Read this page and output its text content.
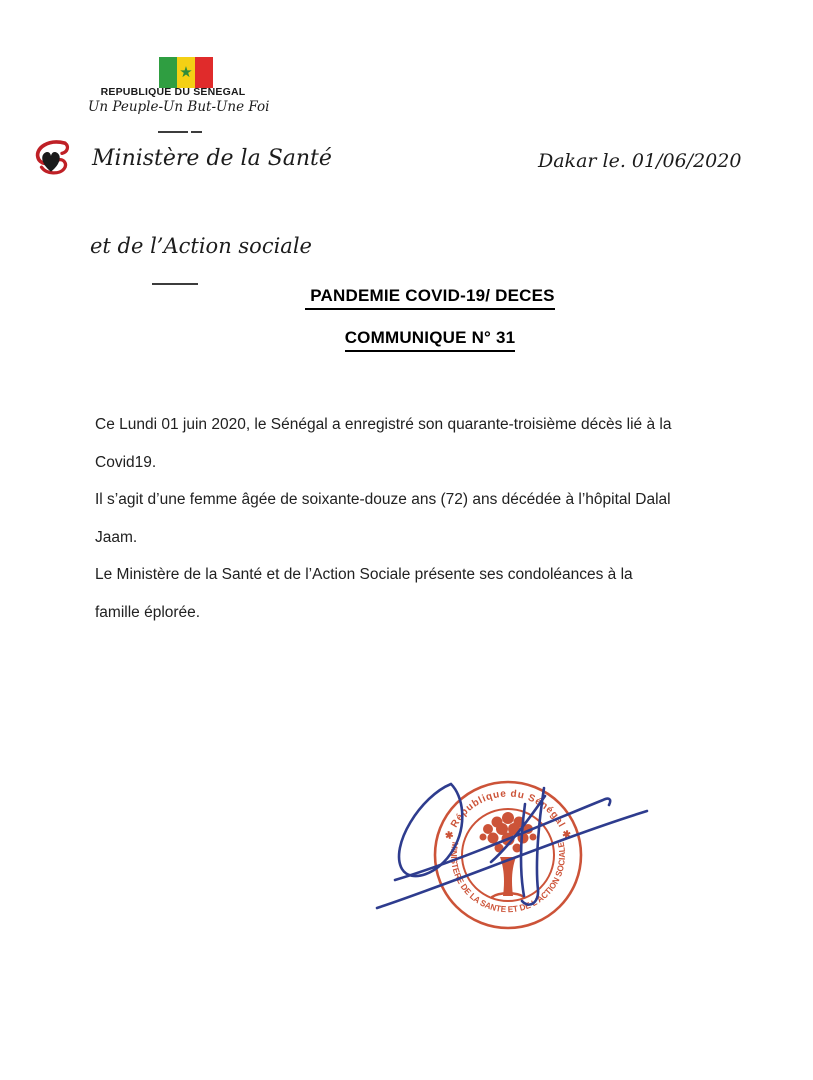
★
REPUBLIQUE DU SENEGAL
Un Peuple-Un But-Une Foi
Ministère de la Santé	Dakar le. 01/06/2020
et de l’Action sociale
PANDEMIE COVID-19/ DECES
COMMUNIQUE N° 31
Ce Lundi 01 juin 2020, le Sénégal a enregistré son quarante-troisième décès lié à la
Covid19.
Il s’agit d’une femme âgée de soixante-douze ans (72) ans décédée à l’hôpital Dalal
Jaam.
Le Ministère de la Santé et de l’Action Sociale présente ses condoléances à la
famille éplorée.
✱ République du Sénégal ✱
MINISTERE DE LA SANTE ET DE L'ACTION SOCIALE
